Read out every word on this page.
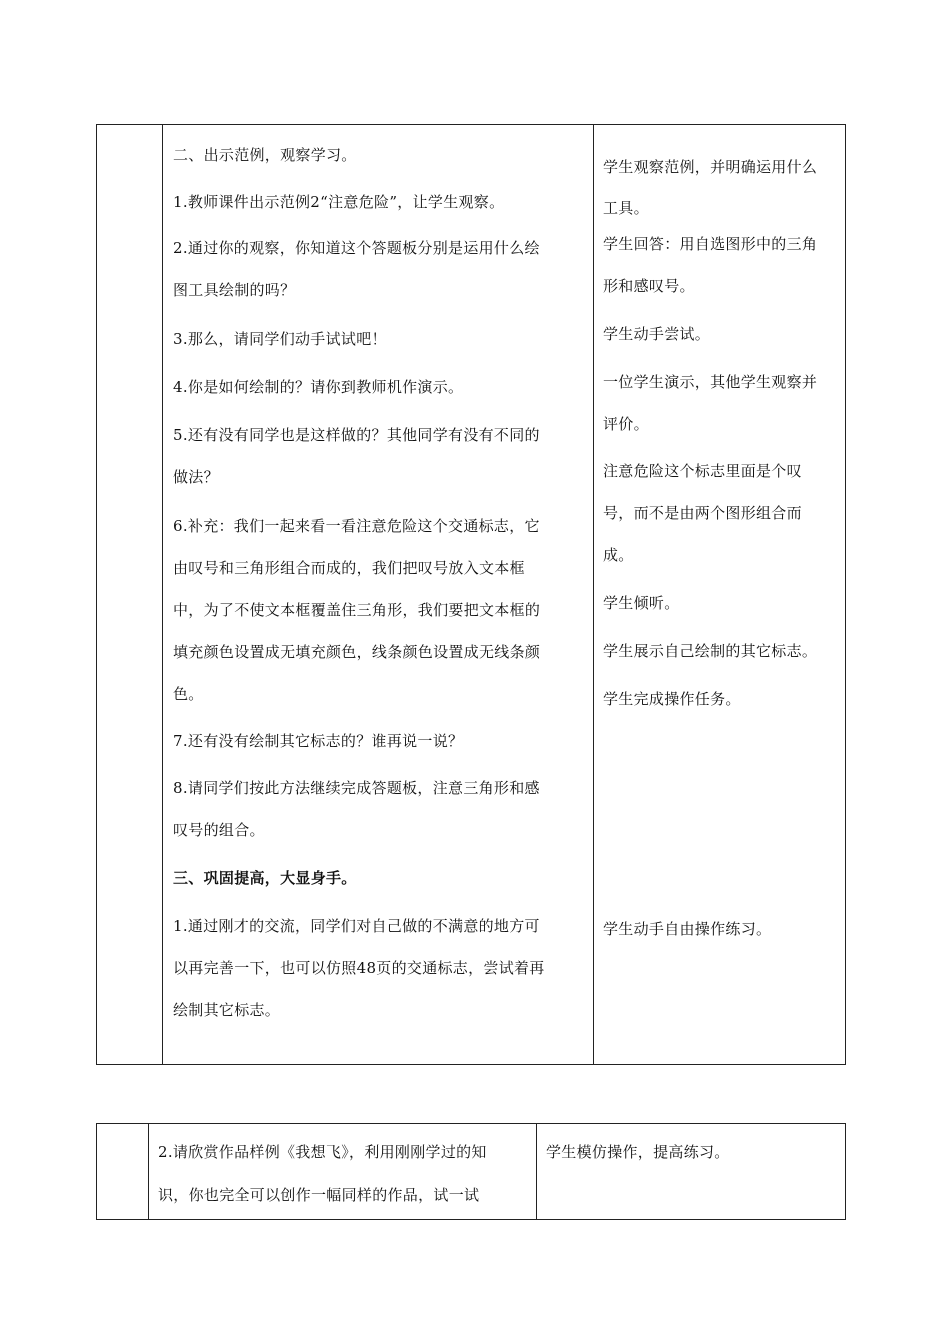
二、出示范例，观察学习。

1.教师课件出示范例2“注意危险”，让学生观察。

2.通过你的观察，你知道这个答题板分别是运用什么绘

图工具绘制的吗？

3.那么，请同学们动手试试吧！

4.你是如何绘制的？请你到教师机作演示。

5.还有没有同学也是这样做的？其他同学有没有不同的

做法？

6.补充：我们一起来看一看注意危险这个交通标志，它

由叹号和三角形组合而成的，我们把叹号放入文本框

中，为了不使文本框覆盖住三角形，我们要把文本框的

填充颜色设置成无填充颜色，线条颜色设置成无线条颜

色。

7.还有没有绘制其它标志的？谁再说一说？

8.请同学们按此方法继续完成答题板，注意三角形和感

叹号的组合。

三、巩固提高，大显身手。

1.通过刚才的交流，同学们对自己做的不满意的地方可

以再完善一下，也可以仿照48页的交通标志，尝试着再

绘制其它标志。

学生观察范例，并明确运用什么

工具。

学生回答：用自选图形中的三角

形和感叹号。

学生动手尝试。

一位学生演示，其他学生观察并

评价。

注意危险这个标志里面是个叹

号，而不是由两个图形组合而

成。

学生倾听。

学生展示自己绘制的其它标志。

学生完成操作任务。

学生动手自由操作练习。

2.请欣赏作品样例《我想飞》，利用刚刚学过的知

识，你也完全可以创作一幅同样的作品，试一试

学生模仿操作，提高练习。
